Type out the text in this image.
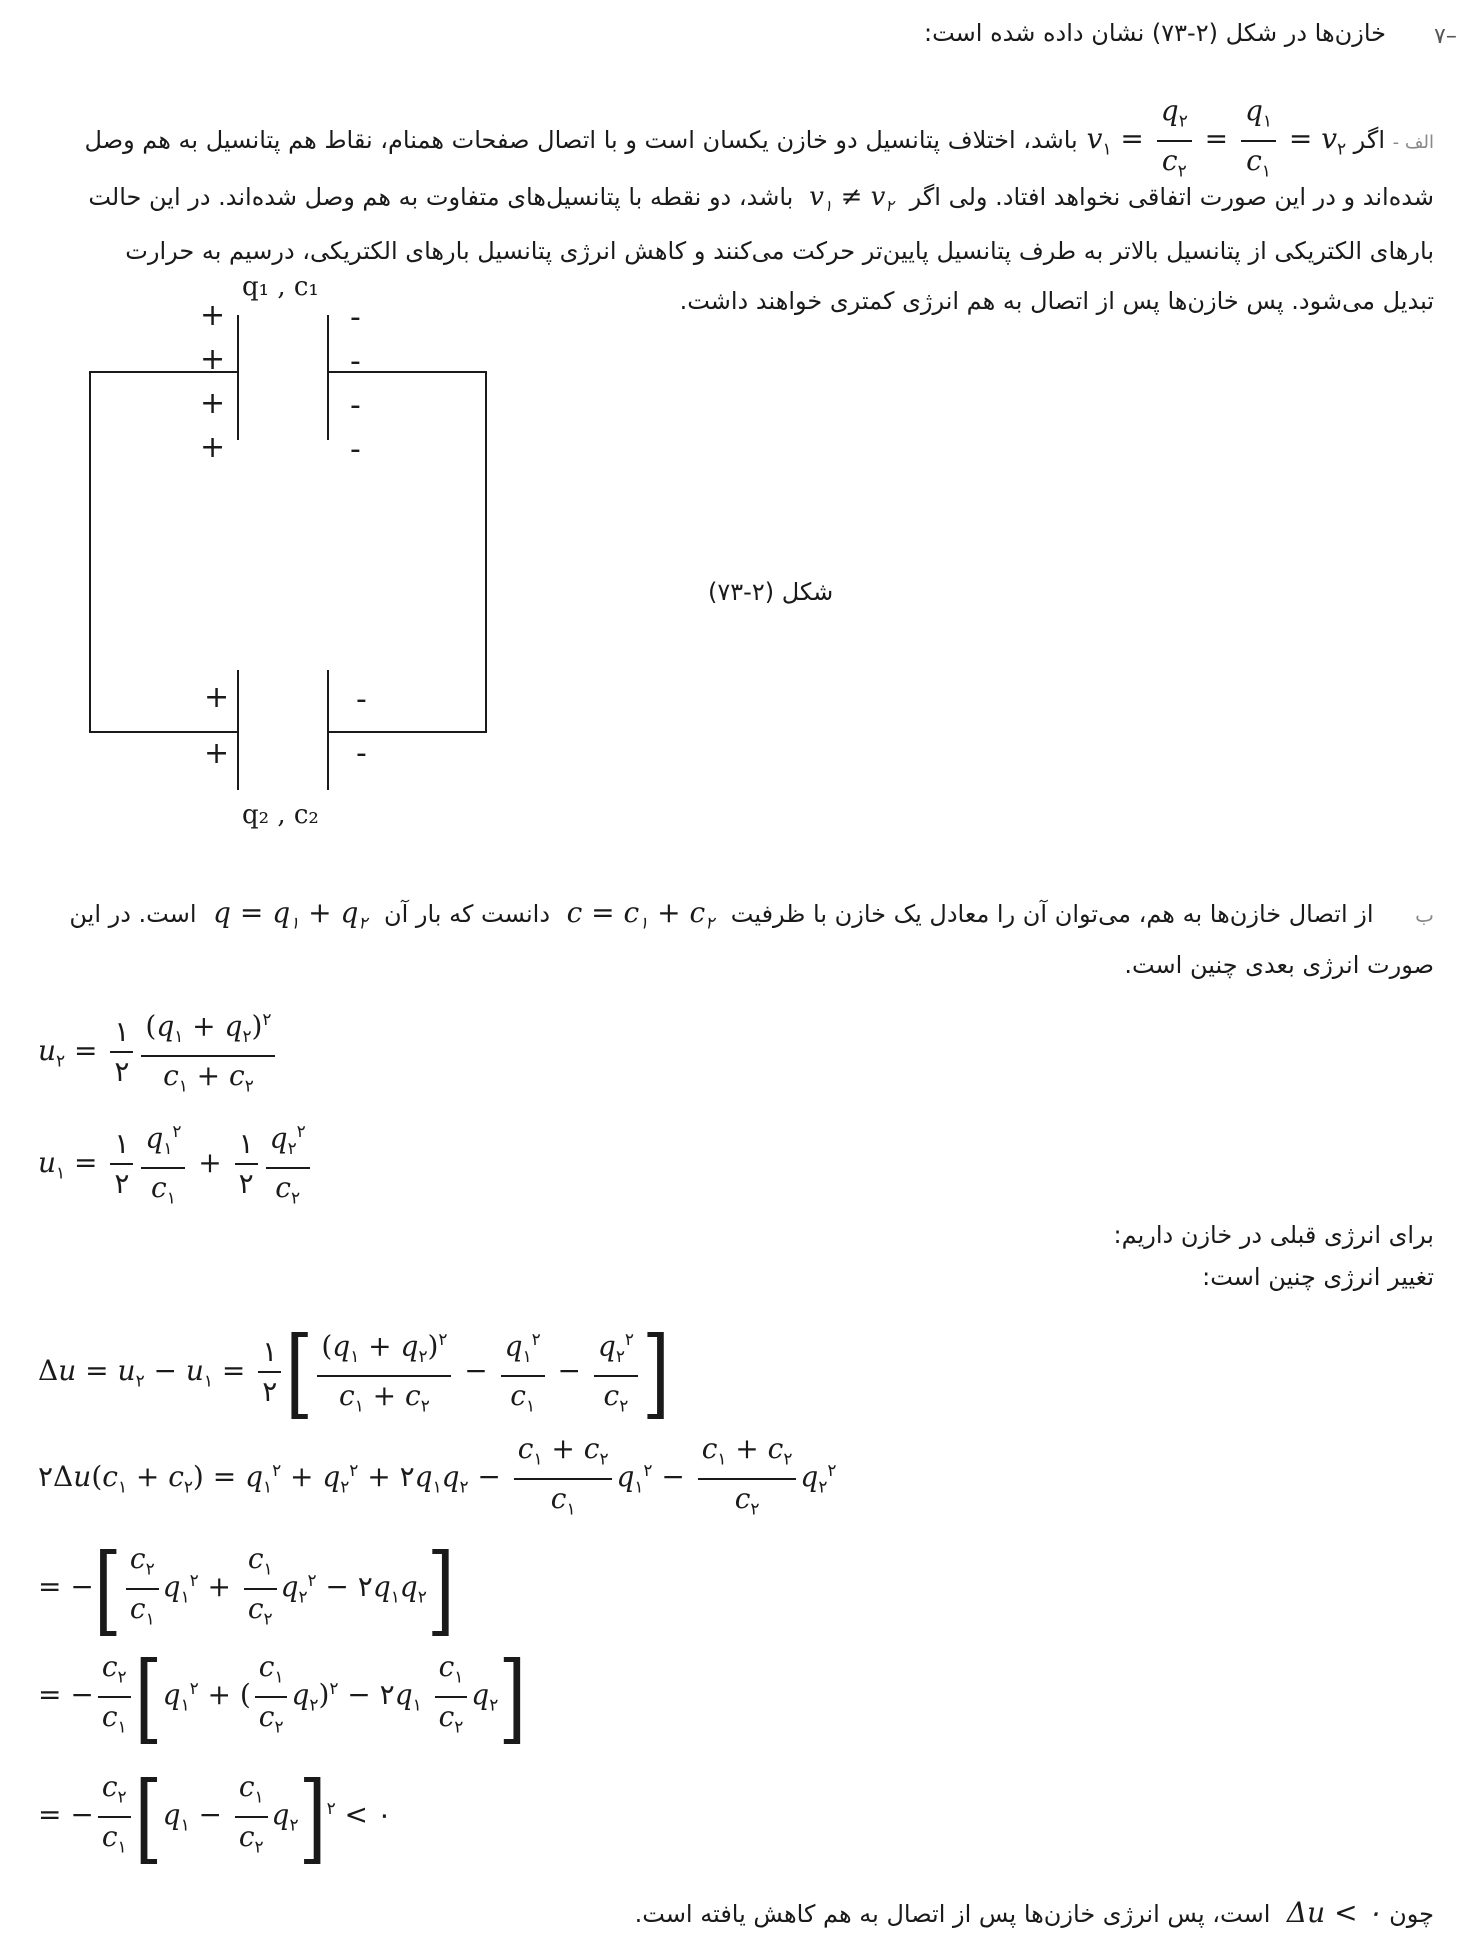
۷–
خازن‌ها در شکل (۲-۷۳) نشان داده شده است:
الف - اگر $v_۱ = \frac{q_۲}{c_۲} = \frac{q_۱}{c_۱} = v_۲$ باشد، اختلاف پتانسیل دو خازن یکسان است و با اتصال صفحات همنام، نقاط هم پتانسیل به هم وصل
شده‌اند و در این صورت اتفاقی نخواهد افتاد. ولی اگر  $v_۱ \ne v_۲$  باشد، دو نقطه با پتانسیل‌های متفاوت به هم وصل شده‌اند. در این حالت
بارهای الکتریکی از پتانسیل بالاتر به طرف پتانسیل پایین‌تر حرکت می‌کنند و کاهش انرژی پتانسیل بارهای الکتریکی، درسیم به حرارت
تبدیل می‌شود. پس خازن‌ها پس از اتصال به هم انرژی کمتری خواهند داشت.
q₁ , c₁
q₂ , c₂
+
+
+
+
-
-
-
-
+
+
-
-
شکل (۲-۷۳)
ب از اتصال خازن‌ها به هم، می‌توان آن را معادل یک خازن با ظرفیت  $c = c_۱ + c_۲$  دانست که بار آن  $q = q_۱ + q_۲$  است. در این
صورت انرژی بعدی چنین است.
$u_۲ = \frac{۱}{۲} \frac{(q_۱ + q_۲)^۲}{c_۱ + c_۲}$
$u_۱ = \frac{۱}{۲} \frac{q_۱^۲}{c_۱} + \frac{۱}{۲} \frac{q_۲^۲}{c_۲}$
برای انرژی قبلی در خازن داریم:
تغییر انرژی چنین است:
$\Delta u = u_۲ - u_۱ = \frac{۱}{۲}$ [ $\frac{(q_۱ + q_۲)^۲}{c_۱ + c_۲} - \frac{q_۱^۲}{c_۱} - \frac{q_۲^۲}{c_۲}$ ]
$۲\Delta u(c_۱ + c_۲) = q_۱^۲ + q_۲^۲$ + $۲q_۱q_۲ - \frac{c_۱ + c_۲}{c_۱} q_۱^۲ - \frac{c_۱ + c_۲}{c_۲} q_۲^۲$
= −[ $\frac{c_۲}{c_۱} q_۱^۲ + \frac{c_۱}{c_۲} q_۲^۲$ − $۲q_۱q_۲$]
= − $\frac{c_۲}{c_۱} [q_۱^۲$ + ( $\frac{c_۱}{c_۲} q_۲)^۲$ − $۲q_۱ \frac{c_۱}{c_۲} q_۲$]
= − $\frac{c_۲}{c_۱} [q_۱ - \frac{c_۱}{c_۲} q_۲]^۲$ < ۰
چون  Δu < ۰ است، پس انرژی خازن‌ها پس از اتصال به هم کاهش یافته است.
